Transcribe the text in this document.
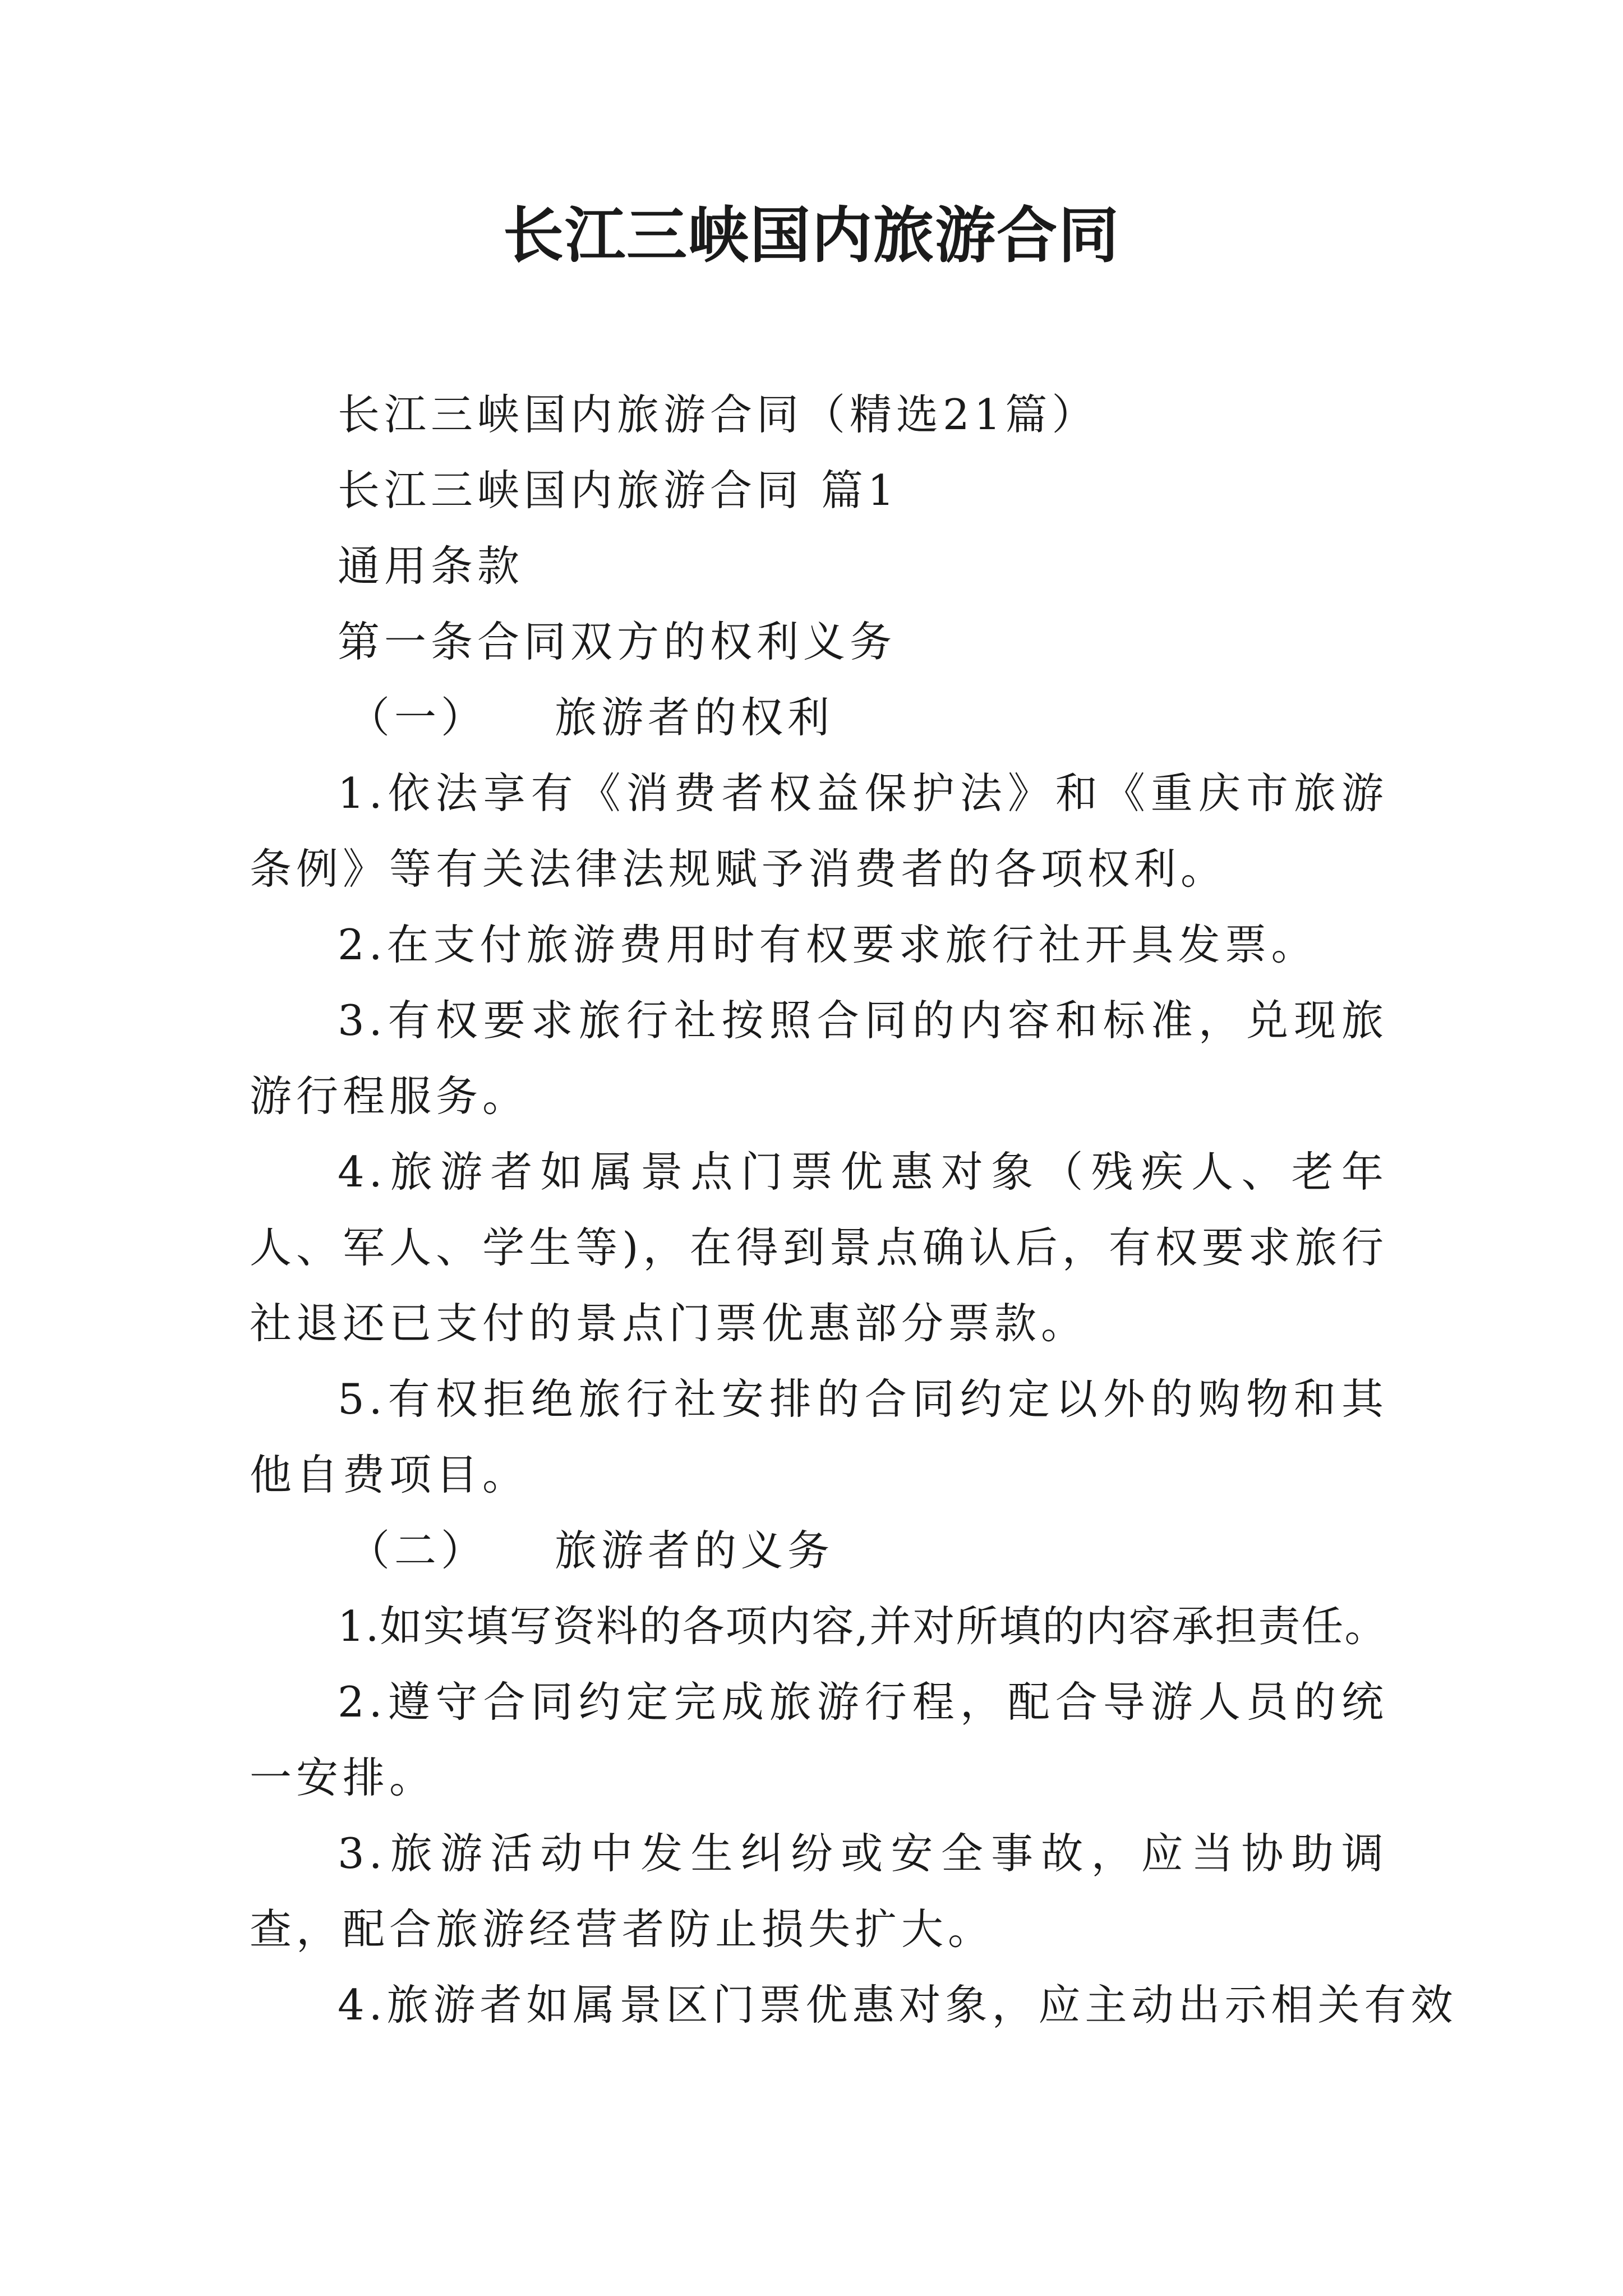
长江三峡国内旅游合同

长江三峡国内旅游合同（精选21篇）

长江三峡国内旅游合同 篇1

通用条款

第一条合同双方的权利义务

（一） 旅游者的权利

1.依法享有《消费者权益保护法》和《重庆市旅游条例》等有关法律法规赋予消费者的各项权利。

2.在支付旅游费用时有权要求旅行社开具发票。

3.有权要求旅行社按照合同的内容和标准，兑现旅游行程服务。

4.旅游者如属景点门票优惠对象（残疾人、老年人、军人、学生等)，在得到景点确认后，有权要求旅行社退还已支付的景点门票优惠部分票款。

5.有权拒绝旅行社安排的合同约定以外的购物和其他自费项目。

（二） 旅游者的义务

1.如实填写资料的各项内容,并对所填的内容承担责任。

2.遵守合同约定完成旅游行程，配合导游人员的统一安排。

3.旅游活动中发生纠纷或安全事故，应当协助调查，配合旅游经营者防止损失扩大。

4.旅游者如属景区门票优惠对象，应主动出示相关有效
